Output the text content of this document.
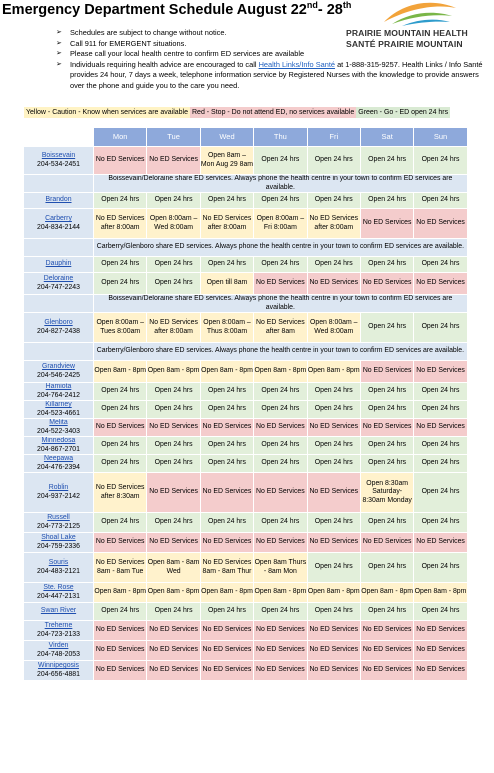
Emergency Department Schedule August 22nd- 28th
PRAIRIE MOUNTAIN HEALTH
SANTÉ PRAIRIE MOUNTAIN
➢ Schedules are subject to change without notice.
➢ Call 911 for EMERGENT situations.
➢ Please call your local health centre to confirm ED services are available
➢ Individuals requiring health advice are encouraged to call Health Links/Info Santé at 1-888-315-9257. Health Links / Info Santé provides 24 hour, 7 days a week, telephone information service by Registered Nurses with the knowledge to provide answers over the phone and guide you to the care you need.
Yellow - Caution - Know when services are available Red - Stop - Do not attend ED, no services available Green - Go - ED open 24 hrs
	Mon	Tue	Wed	Thu	Fri	Sat	Sun

Boissevain
204-534-2451	No ED Services	No ED Services	Open 8am – Mon Aug 29 8am	Open 24 hrs	Open 24 hrs	Open 24 hrs	Open 24 hrs
	Boissevain/Deloraine share ED services. Always phone the health centre in your town to confirm ED services are available.						

Brandon	Open 24 hrs	Open 24 hrs	Open 24 hrs	Open 24 hrs	Open 24 hrs	Open 24 hrs	Open 24 hrs

Carberry
204-834-2144	No ED Services after 8:00am	Open 8:00am – Wed 8:00am	No ED Services after 8:00am	Open 8:00am – Fri 8:00am	No ED Services after 8:00am	No ED Services	No ED Services
	Carberry/Glenboro share ED services. Always phone the health centre in your town to confirm ED services are available.						

Dauphin	Open 24 hrs	Open 24 hrs	Open 24 hrs	Open 24 hrs	Open 24 hrs	Open 24 hrs	Open 24 hrs

Deloraine
204-747-2243	Open 24 hrs	Open 24 hrs	Open till 8am	No ED Services	No ED Services	No ED Services	No ED Services
	Boissevain/Deloraine share ED services. Always phone the health centre in your town to confirm ED services are available.						

Glenboro
204-827-2438	Open 8:00am – Tues 8:00am	No ED Services after 8:00am	Open 8:00am – Thus 8:00am	No ED Services after 8am	Open 8:00am – Wed 8:00am	Open 24 hrs	Open 24 hrs
	Carberry/Glenboro share ED services. Always phone the health centre in your town to confirm ED services are available.						

Grandview
204-546-2425	Open 8am - 8pm	Open 8am - 8pm	Open 8am - 8pm	Open 8am - 8pm	Open 8am - 8pm	No ED Services	No ED Services

Hamiota
204-764-2412	Open 24 hrs	Open 24 hrs	Open 24 hrs	Open 24 hrs	Open 24 hrs	Open 24 hrs	Open 24 hrs

Killarney
204-523-4661	Open 24 hrs	Open 24 hrs	Open 24 hrs	Open 24 hrs	Open 24 hrs	Open 24 hrs	Open 24 hrs

Melita
204-522-3403	No ED Services	No ED Services	No ED Services	No ED Services	No ED Services	No ED Services	No ED Services

Minnedosa
204-867-2701	Open 24 hrs	Open 24 hrs	Open 24 hrs	Open 24 hrs	Open 24 hrs	Open 24 hrs	Open 24 hrs

Neepawa
204-476-2394	Open 24 hrs	Open 24 hrs	Open 24 hrs	Open 24 hrs	Open 24 hrs	Open 24 hrs	Open 24 hrs

Roblin
204-937-2142	No ED Services after 8:30am	No ED Services	No ED Services	No ED Services	No ED Services	Open 8:30am Saturday- 8:30am Monday	Open 24 hrs

Russell
204-773-2125	Open 24 hrs	Open 24 hrs	Open 24 hrs	Open 24 hrs	Open 24 hrs	Open 24 hrs	Open 24 hrs

Shoal Lake
204-759-2336	No ED Services	No ED Services	No ED Services	No ED Services	No ED Services	No ED Services	No ED Services

Souris
204-483-2121	No ED Services 8am - 8am Tue	Open 8am - 8am Wed	No ED Services 8am - 8am Thur	Open 8am Thurs - 8am Mon	Open 24 hrs	Open 24 hrs	Open 24 hrs

Ste. Rose
204-447-2131	Open 8am - 8pm	Open 8am - 8pm	Open 8am - 8pm	Open 8am - 8pm	Open 8am - 8pm	Open 8am - 8pm	Open 8am - 8pm

Swan River	Open 24 hrs	Open 24 hrs	Open 24 hrs	Open 24 hrs	Open 24 hrs	Open 24 hrs	Open 24 hrs

Treherne
204-723-2133	No ED Services	No ED Services	No ED Services	No ED Services	No ED Services	No ED Services	No ED Services

Virden
204-748-2053	No ED Services	No ED Services	No ED Services	No ED Services	No ED Services	No ED Services	No ED Services

Winnipegosis
204-656-4881	No ED Services	No ED Services	No ED Services	No ED Services	No ED Services	No ED Services	No ED Services
